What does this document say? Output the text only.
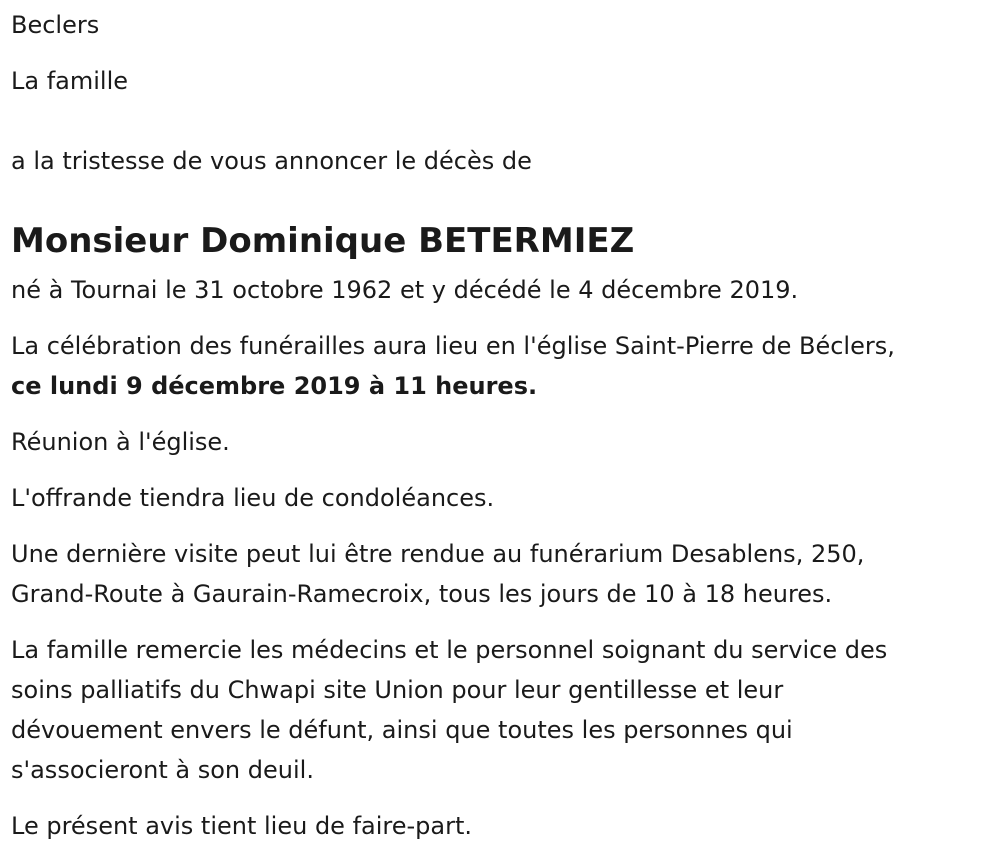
Beclers

La famille

a la tristesse de vous annoncer le décès de

Monsieur Dominique BETERMIEZ

né à Tournai le 31 octobre 1962 et y décédé le 4 décembre 2019.

La célébration des funérailles aura lieu en l'église Saint-Pierre de Béclers,

ce lundi 9 décembre 2019 à 11 heures.

Réunion à l'église.

L'offrande tiendra lieu de condoléances.

Une dernière visite peut lui être rendue au funérarium Desablens, 250,

Grand-Route à Gaurain-Ramecroix, tous les jours de 10 à 18 heures.

La famille remercie les médecins et le personnel soignant du service des

soins palliatifs du Chwapi site Union pour leur gentillesse et leur

dévouement envers le défunt, ainsi que toutes les personnes qui

s'associeront à son deuil.

Le présent avis tient lieu de faire-part.
